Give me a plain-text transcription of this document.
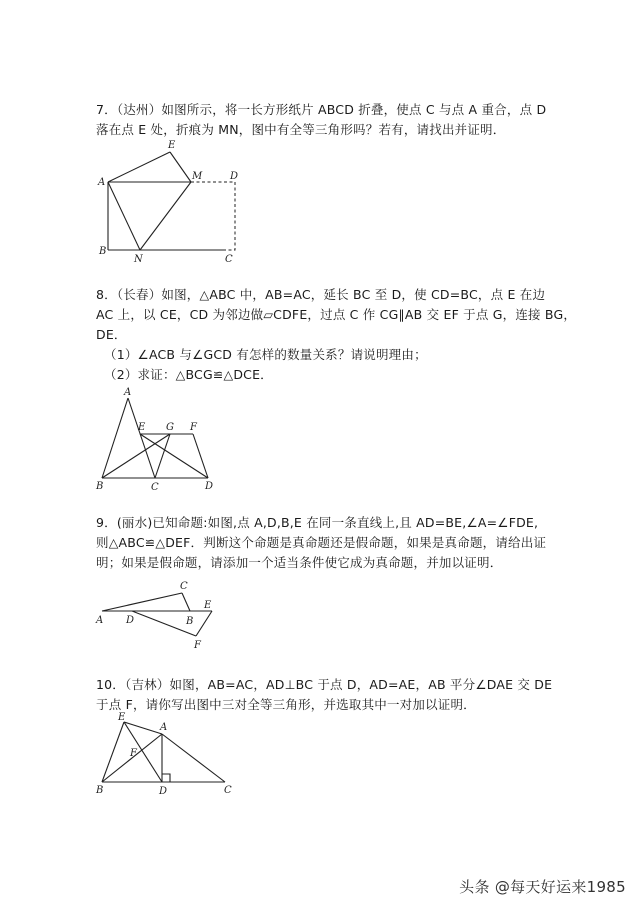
7．（达州）如图所示，将一长方形纸片 ABCD 折叠，使点 C 与点 A 重合，点 D
落在点 E 处，折痕为 MN，图中有全等三角形吗？若有，请找出并证明．
A
E
M	D
B
N	C
8．（长春）如图，△ABC 中，AB=AC，延长 BC 至 D，使 CD=BC，点 E 在边
AC 上，以 CE，CD 为邻边做▱CDFE，过点 C 作 CG∥AB 交 EF 于点 G，连接 BG，
DE．
（1）∠ACB 与∠GCD 有怎样的数量关系？请说明理由；
（2）求证：△BCG≌△DCE．
A
E G F
B	C	D
9．(丽水)已知命题:如图,点 A,D,B,E 在同一条直线上,且 AD=BE,∠A=∠FDE,
则△ABC≌△DEF．判断这个命题是真命题还是假命题，如果是真命题，请给出证
明；如果是假命题，请添加一个适当条件使它成为真命题，并加以证明．
C
A D	B
E
F
10．（吉林）如图，AB=AC，AD⊥BC 于点 D，AD=AE，AB 平分∠DAE 交 DE
于点 F，请你写出图中三对全等三角形，并选取其中一对加以证明．
E
A
F
B	D	C
头条 @每天好运来1985
